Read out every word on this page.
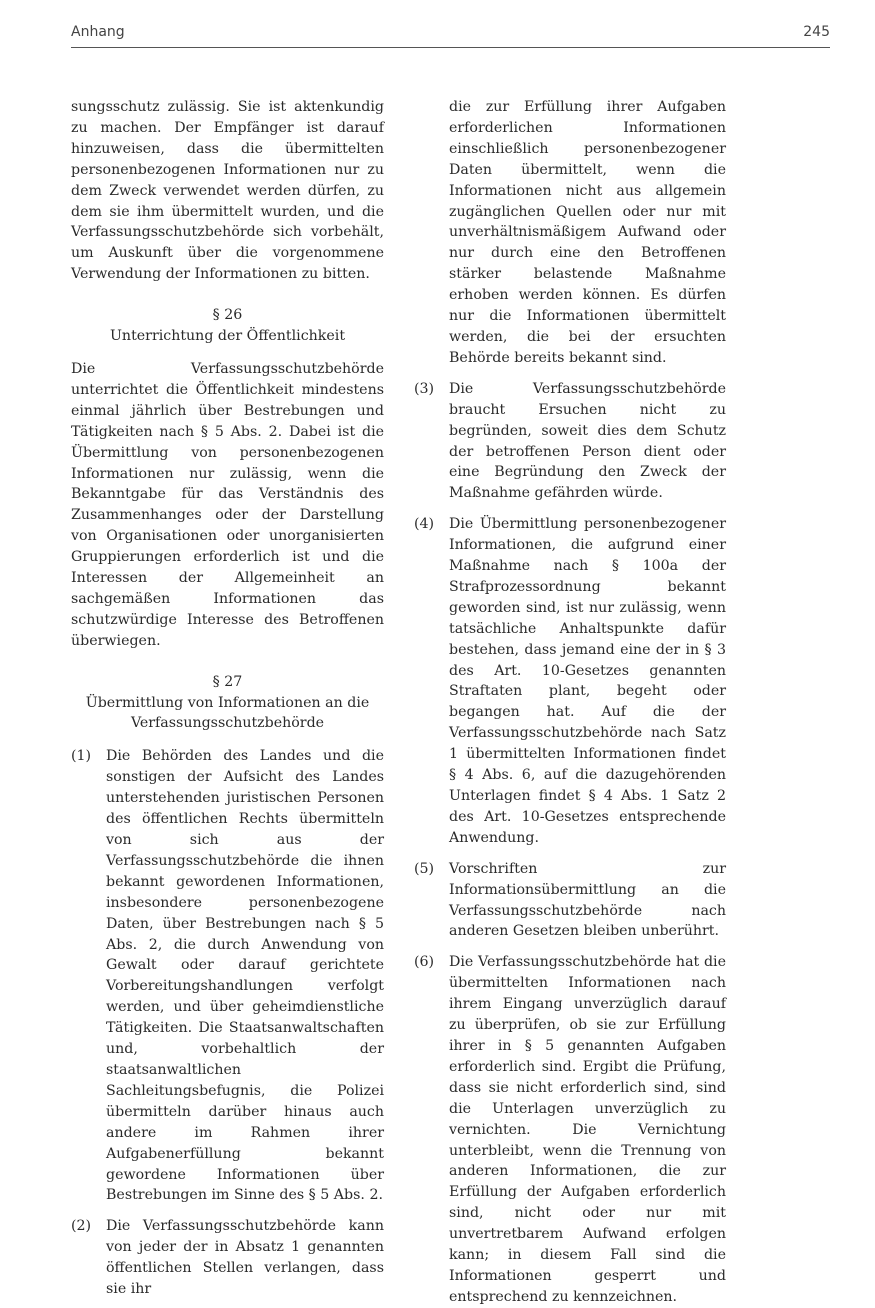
Anhang	245

sungsschutz zulässig. Sie ist aktenkundig zu machen. Der Empfänger ist darauf hinzuweisen, dass die übermittelten personenbezogenen Informationen nur zu dem Zweck verwendet werden dürfen, zu dem sie ihm übermittelt wurden, und die Verfassungsschutzbehörde sich vorbehält, um Auskunft über die vorgenommene Verwendung der Informationen zu bitten.

§ 26
Unterrichtung der Öffentlichkeit

Die Verfassungsschutzbehörde unterrichtet die Öffentlichkeit mindestens einmal jährlich über Bestrebungen und Tätigkeiten nach § 5 Abs. 2. Dabei ist die Übermittlung von personenbezogenen Informationen nur zulässig, wenn die Bekanntgabe für das Verständnis des Zusammenhanges oder der Darstellung von Organisationen oder unorganisierten Gruppierungen erforderlich ist und die Interessen der Allgemeinheit an sachgemäßen Informationen das schutzwürdige Interesse des Betroffenen überwiegen.

§ 27
Übermittlung von Informationen an die
Verfassungsschutzbehörde
(1) Die Behörden des Landes und die sonstigen der Aufsicht des Landes unterstehenden juristischen Personen des öffentlichen Rechts übermitteln von sich aus der Verfassungsschutzbehörde die ihnen bekannt gewordenen Informationen, insbesondere personenbezogene Daten, über Bestrebungen nach § 5 Abs. 2, die durch Anwendung von Gewalt oder darauf gerichtete Vorbereitungshandlungen verfolgt werden, und über geheimdienstliche Tätigkeiten. Die Staatsanwaltschaften und, vorbehaltlich der staatsanwaltlichen Sachleitungsbefugnis, die Polizei übermitteln darüber hinaus auch andere im Rahmen ihrer Aufgabenerfüllung bekannt gewordene Informationen über Bestrebungen im Sinne des § 5 Abs. 2.
(2) Die Verfassungsschutzbehörde kann von jeder der in Absatz 1 genannten öffentlichen Stellen verlangen, dass sie ihr
die zur Erfüllung ihrer Aufgaben erforderlichen Informationen einschließlich personenbezogener Daten übermittelt, wenn die Informationen nicht aus allgemein zugänglichen Quellen oder nur mit unverhältnismäßigem Aufwand oder nur durch eine den Betroffenen stärker belastende Maßnahme erhoben werden können. Es dürfen nur die Informationen übermittelt werden, die bei der ersuchten Behörde bereits bekannt sind.
(3) Die Verfassungsschutzbehörde braucht Ersuchen nicht zu begründen, soweit dies dem Schutz der betroffenen Person dient oder eine Begründung den Zweck der Maßnahme gefährden würde.
(4) Die Übermittlung personenbezogener Informationen, die aufgrund einer Maßnahme nach § 100a der Strafprozessordnung bekannt geworden sind, ist nur zulässig, wenn tatsächliche Anhaltspunkte dafür bestehen, dass jemand eine der in § 3 des Art. 10-Gesetzes genannten Straftaten plant, begeht oder begangen hat. Auf die der Verfassungsschutzbehörde nach Satz 1 übermittelten Informationen findet § 4 Abs. 6, auf die dazugehörenden Unterlagen findet § 4 Abs. 1 Satz 2 des Art. 10-Gesetzes entsprechende Anwendung.
(5) Vorschriften zur Informationsübermittlung an die Verfassungsschutzbehörde nach anderen Gesetzen bleiben unberührt.
(6) Die Verfassungsschutzbehörde hat die übermittelten Informationen nach ihrem Eingang unverzüglich darauf zu überprüfen, ob sie zur Erfüllung ihrer in § 5 genannten Aufgaben erforderlich sind. Ergibt die Prüfung, dass sie nicht erforderlich sind, sind die Unterlagen unverzüglich zu vernichten. Die Vernichtung unterbleibt, wenn die Trennung von anderen Informationen, die zur Erfüllung der Aufgaben erforderlich sind, nicht oder nur mit unvertretbarem Aufwand erfolgen kann; in diesem Fall sind die Informationen gesperrt und entsprechend zu kennzeichnen.
